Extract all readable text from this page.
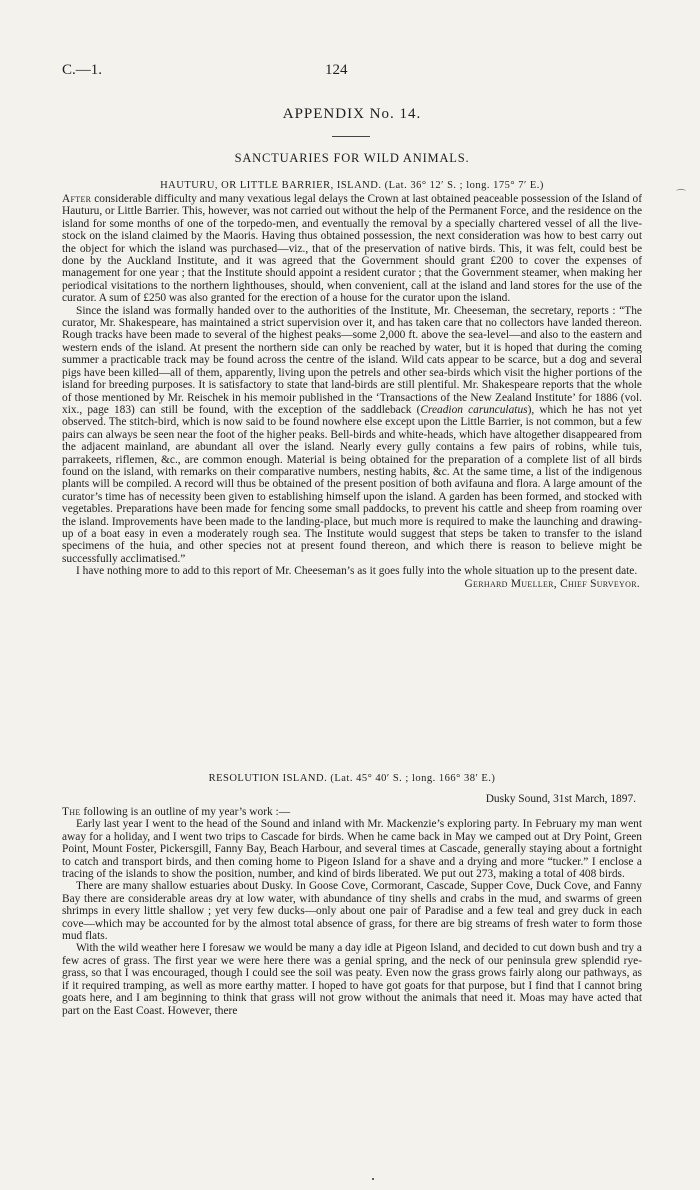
C.—1.	124
APPENDIX No. 14.
SANCTUARIES FOR WILD ANIMALS.
HAUTURU, OR LITTLE BARRIER, ISLAND. (Lat. 36° 12′ S. ; long. 175° 7′ E.)

After considerable difficulty and many vexatious legal delays the Crown at last obtained peaceable possession of the Island of Hauturu, or Little Barrier. This, however, was not carried out without the help of the Permanent Force, and the residence on the island for some months of one of the torpedo-men, and eventually the removal by a specially chartered vessel of all the live-stock on the island claimed by the Maoris. Having thus obtained possession, the next consideration was how to best carry out the object for which the island was purchased—viz., that of the preservation of native birds. This, it was felt, could best be done by the Auckland Institute, and it was agreed that the Government should grant £200 to cover the expenses of management for one year ; that the Institute should appoint a resident curator ; that the Government steamer, when making her periodical visitations to the northern lighthouses, should, when convenient, call at the island and land stores for the use of the curator. A sum of £250 was also granted for the erection of a house for the curator upon the island.

Since the island was formally handed over to the authorities of the Institute, Mr. Cheeseman, the secretary, reports : “The curator, Mr. Shakespeare, has maintained a strict supervision over it, and has taken care that no collectors have landed thereon. Rough tracks have been made to several of the highest peaks—some 2,000 ft. above the sea-level—and also to the eastern and western ends of the island. At present the northern side can only be reached by water, but it is hoped that during the coming summer a practicable track may be found across the centre of the island. Wild cats appear to be scarce, but a dog and several pigs have been killed—all of them, apparently, living upon the petrels and other sea-birds which visit the higher portions of the island for breeding purposes. It is satisfactory to state that land-birds are still plentiful. Mr. Shakespeare reports that the whole of those mentioned by Mr. Reischek in his memoir published in the ‘Transactions of the New Zealand Institute’ for 1886 (vol. xix., page 183) can still be found, with the exception of the saddleback (Creadion carunculatus), which he has not yet observed. The stitch-bird, which is now said to be found nowhere else except upon the Little Barrier, is not common, but a few pairs can always be seen near the foot of the higher peaks. Bell-birds and white-heads, which have altogether disappeared from the adjacent mainland, are abundant all over the island. Nearly every gully contains a few pairs of robins, while tuis, parrakeets, riflemen, &c., are common enough. Material is being obtained for the preparation of a complete list of all birds found on the island, with remarks on their comparative numbers, nesting habits, &c. At the same time, a list of the indigenous plants will be compiled. A record will thus be obtained of the present position of both avifauna and flora. A large amount of the curator’s time has of necessity been given to establishing himself upon the island. A garden has been formed, and stocked with vegetables. Preparations have been made for fencing some small paddocks, to prevent his cattle and sheep from roaming over the island. Improvements have been made to the landing-place, but much more is required to make the launching and drawing-up of a boat easy in even a moderately rough sea. The Institute would suggest that steps be taken to transfer to the island specimens of the huia, and other species not at present found thereon, and which there is reason to believe might be successfully acclimatised.”

I have nothing more to add to this report of Mr. Cheeseman’s as it goes fully into the whole situation up to the present date.
Gerhard Mueller, Chief Surveyor.
RESOLUTION ISLAND. (Lat. 45° 40′ S. ; long. 166° 38′ E.)
Dusky Sound, 31st March, 1897.

The following is an outline of my year’s work :—

Early last year I went to the head of the Sound and inland with Mr. Mackenzie’s exploring party. In February my man went away for a holiday, and I went two trips to Cascade for birds. When he came back in May we camped out at Dry Point, Green Point, Mount Foster, Pickersgill, Fanny Bay, Beach Harbour, and several times at Cascade, generally staying about a fortnight to catch and transport birds, and then coming home to Pigeon Island for a shave and a drying and more “tucker.” I enclose a tracing of the islands to show the position, number, and kind of birds liberated. We put out 273, making a total of 408 birds.

There are many shallow estuaries about Dusky. In Goose Cove, Cormorant, Cascade, Supper Cove, Duck Cove, and Fanny Bay there are considerable areas dry at low water, with abundance of tiny shells and crabs in the mud, and swarms of green shrimps in every little shallow ; yet very few ducks—only about one pair of Paradise and a few teal and grey duck in each cove—which may be accounted for by the almost total absence of grass, for there are big streams of fresh water to form those mud flats.

With the wild weather here I foresaw we would be many a day idle at Pigeon Island, and decided to cut down bush and try a few acres of grass. The first year we were here there was a genial spring, and the neck of our peninsula grew splendid rye-grass, so that I was encouraged, though I could see the soil was peaty. Even now the grass grows fairly along our pathways, as if it required tramping, as well as more earthy matter. I hoped to have got goats for that purpose, but I find that I cannot bring goats here, and I am beginning to think that grass will not grow without the animals that need it. Moas may have acted that part on the East Coast. However, there

⌒
